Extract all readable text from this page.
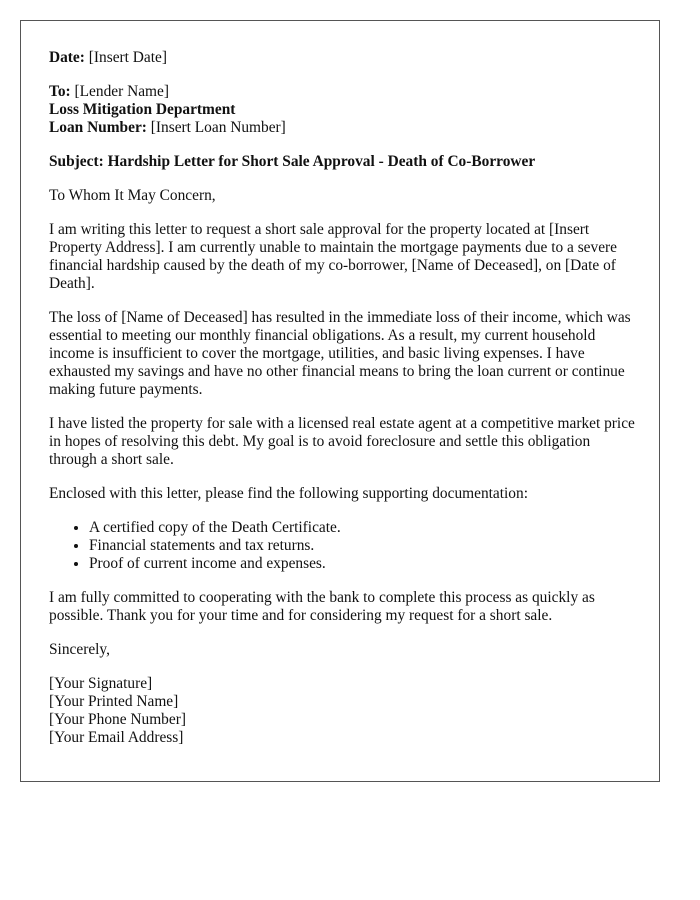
Date: [Insert Date]

To: [Lender Name]
Loss Mitigation Department
Loan Number: [Insert Loan Number]

Subject: Hardship Letter for Short Sale Approval - Death of Co-Borrower

To Whom It May Concern,

I am writing this letter to request a short sale approval for the property located at [Insert Property Address]. I am currently unable to maintain the mortgage payments due to a severe financial hardship caused by the death of my co-borrower, [Name of Deceased], on [Date of Death].

The loss of [Name of Deceased] has resulted in the immediate loss of their income, which was essential to meeting our monthly financial obligations. As a result, my current household income is insufficient to cover the mortgage, utilities, and basic living expenses. I have exhausted my savings and have no other financial means to bring the loan current or continue making future payments.

I have listed the property for sale with a licensed real estate agent at a competitive market price in hopes of resolving this debt. My goal is to avoid foreclosure and settle this obligation through a short sale.

Enclosed with this letter, please find the following supporting documentation:

• A certified copy of the Death Certificate.
• Financial statements and tax returns.
• Proof of current income and expenses.

I am fully committed to cooperating with the bank to complete this process as quickly as possible. Thank you for your time and for considering my request for a short sale.

Sincerely,

[Your Signature]
[Your Printed Name]
[Your Phone Number]
[Your Email Address]
